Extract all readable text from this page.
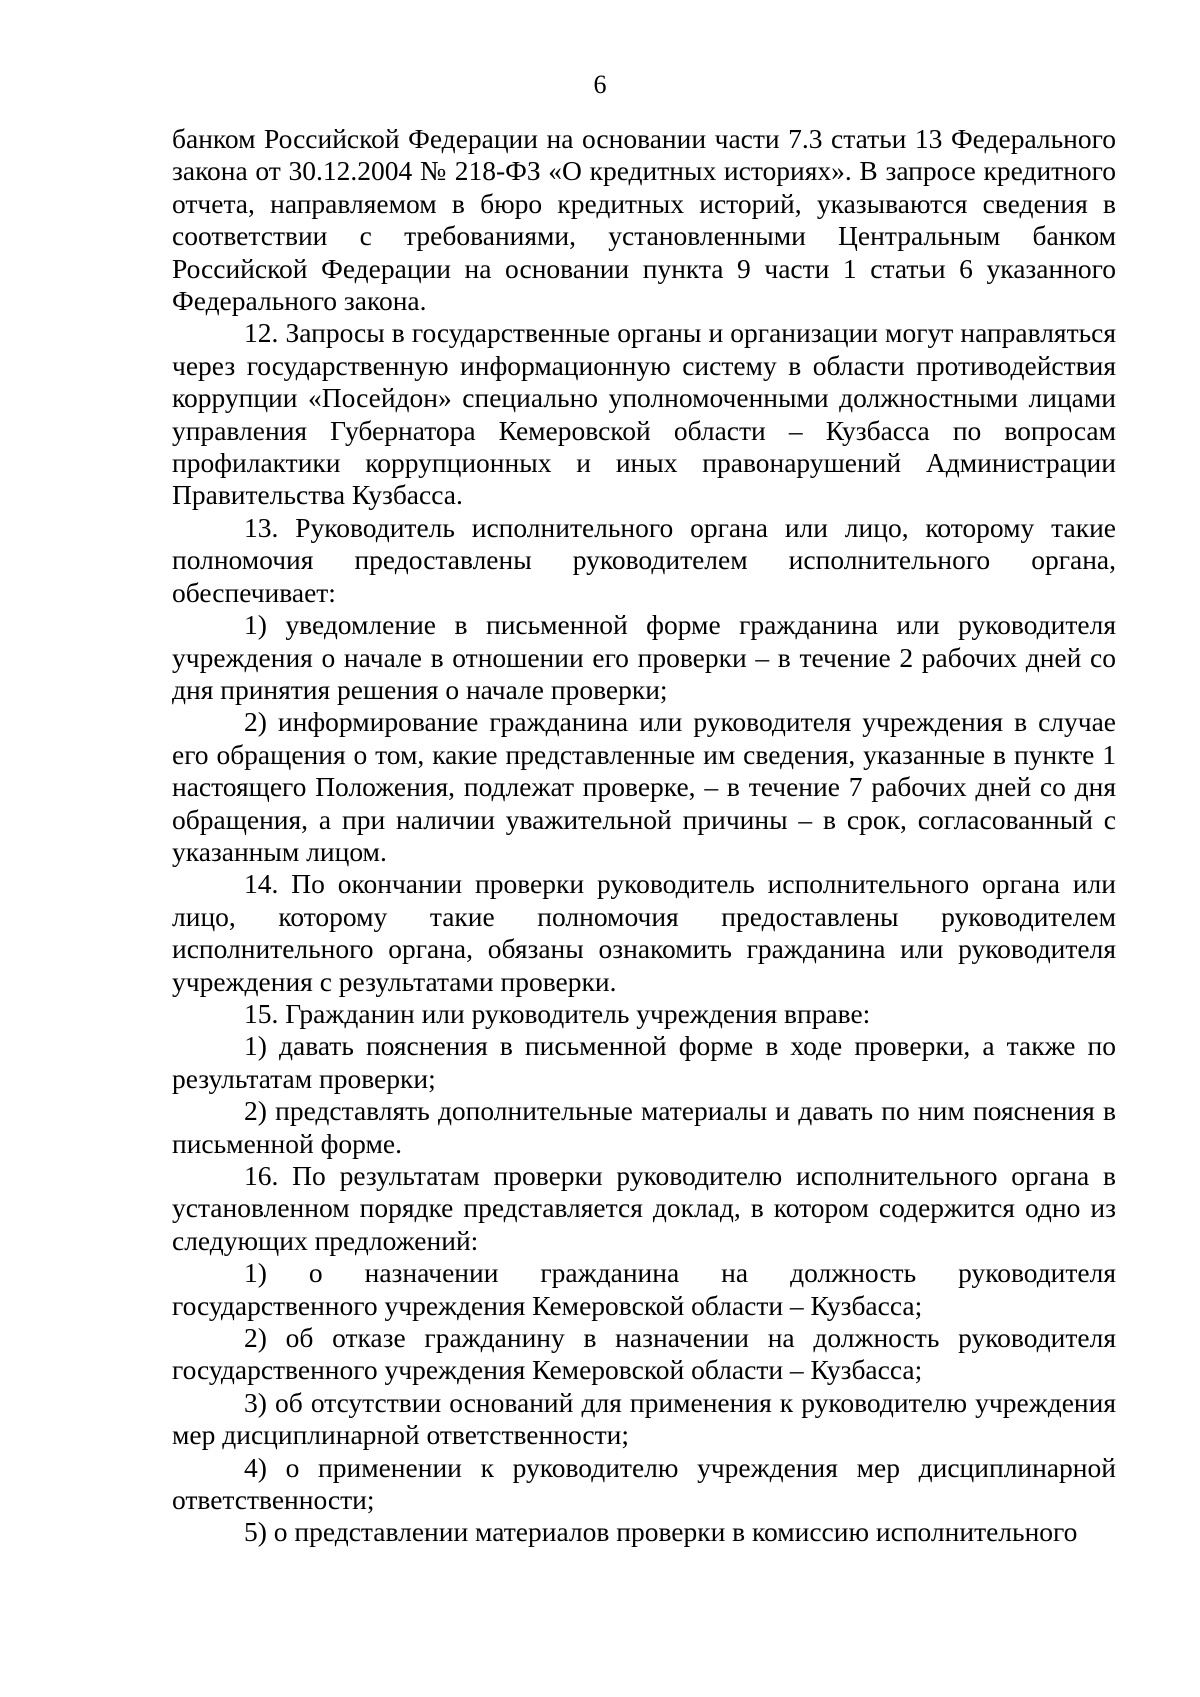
6

банком Российской Федерации на основании части 7.3 статьи 13 Федерального закона от 30.12.2004 № 218-ФЗ «О кредитных историях». В запросе кредитного отчета, направляемом в бюро кредитных историй, указываются сведения в соответствии с требованиями, установленными Центральным банком Российской Федерации на основании пункта 9 части 1 статьи 6 указанного Федерального закона.

12. Запросы в государственные органы и организации могут направляться через государственную информационную систему в области противодействия коррупции «Посейдон» специально уполномоченными должностными лицами управления Губернатора Кемеровской области – Кузбасса по вопросам профилактики коррупционных и иных правонарушений Администрации Правительства Кузбасса.

13. Руководитель исполнительного органа или лицо, которому такие полномочия предоставлены руководителем исполнительного органа, обеспечивает:

1) уведомление в письменной форме гражданина или руководителя учреждения о начале в отношении его проверки – в течение 2 рабочих дней со дня принятия решения о начале проверки;

2) информирование гражданина или руководителя учреждения в случае его обращения о том, какие представленные им сведения, указанные в пункте 1 настоящего Положения, подлежат проверке, – в течение 7 рабочих дней со дня обращения, а при наличии уважительной причины – в срок, согласованный с указанным лицом.

14. По окончании проверки руководитель исполнительного органа или лицо, которому такие полномочия предоставлены руководителем исполнительного органа, обязаны ознакомить гражданина или руководителя учреждения с результатами проверки.

15. Гражданин или руководитель учреждения вправе:

1) давать пояснения в письменной форме в ходе проверки, а также по результатам проверки;

2) представлять дополнительные материалы и давать по ним пояснения в письменной форме.

16. По результатам проверки руководителю исполнительного органа в установленном порядке представляется доклад, в котором содержится одно из следующих предложений:

1) о назначении гражданина на должность руководителя государственного учреждения Кемеровской области – Кузбасса;

2) об отказе гражданину в назначении на должность руководителя государственного учреждения Кемеровской области – Кузбасса;

3) об отсутствии оснований для применения к руководителю учреждения мер дисциплинарной ответственности;

4) о применении к руководителю учреждения мер дисциплинарной ответственности;

5) о представлении материалов проверки в комиссию исполнительного
